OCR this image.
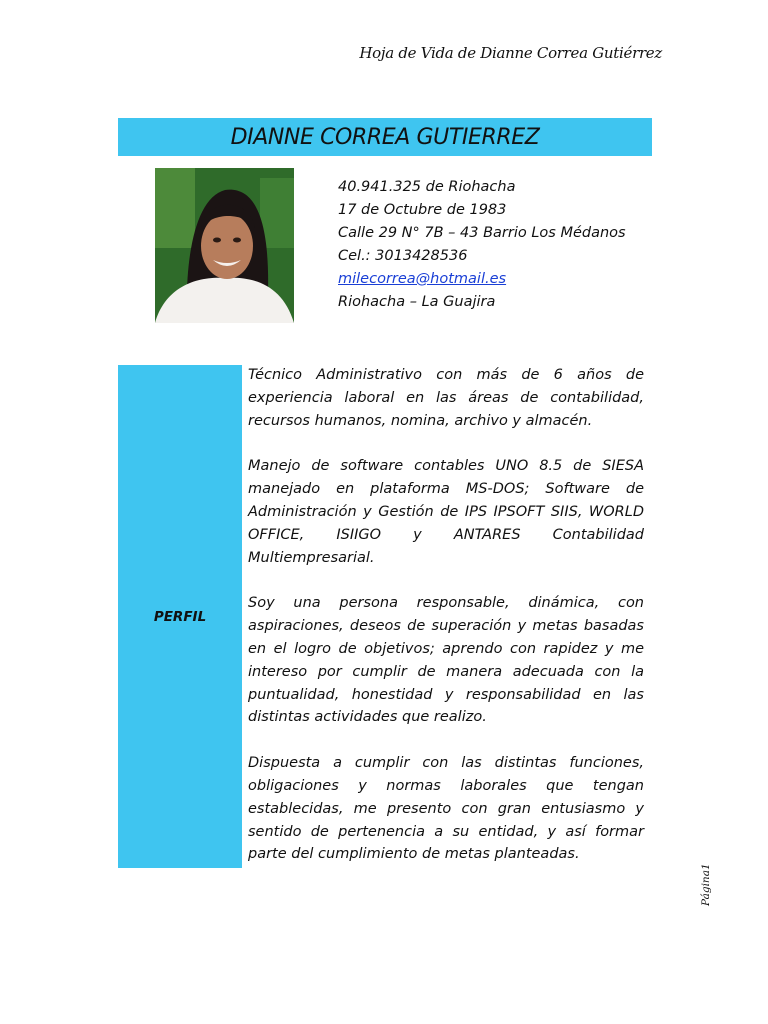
Hoja de Vida de Dianne Correa Gutiérrez
DIANNE CORREA GUTIERREZ
40.941.325 de Riohacha
17 de Octubre de 1983
Calle 29 N° 7B – 43 Barrio Los Médanos
Cel.: 3013428536
milecorrea@hotmail.es
Riohacha – La Guajira
PERFIL

Técnico Administrativo con más de 6 años de experiencia laboral en las áreas de contabilidad, recursos humanos, nomina, archivo y almacén.

Manejo de software contables UNO 8.5 de SIESA manejado en plataforma MS-DOS; Software de Administración y Gestión de IPS IPSOFT SIIS, WORLD OFFICE, ISIIGO y ANTARES Contabilidad Multiempresarial.

Soy una persona responsable, dinámica, con aspiraciones, deseos de superación y metas basadas en el logro de objetivos; aprendo con rapidez y me intereso por cumplir de manera adecuada con la puntualidad, honestidad y responsabilidad en las distintas actividades que realizo.

Dispuesta a cumplir con las distintas funciones, obligaciones y normas laborales que tengan establecidas, me presento con gran entusiasmo y sentido de pertenencia a su entidad, y así formar parte del cumplimiento de metas planteadas.

Página1
